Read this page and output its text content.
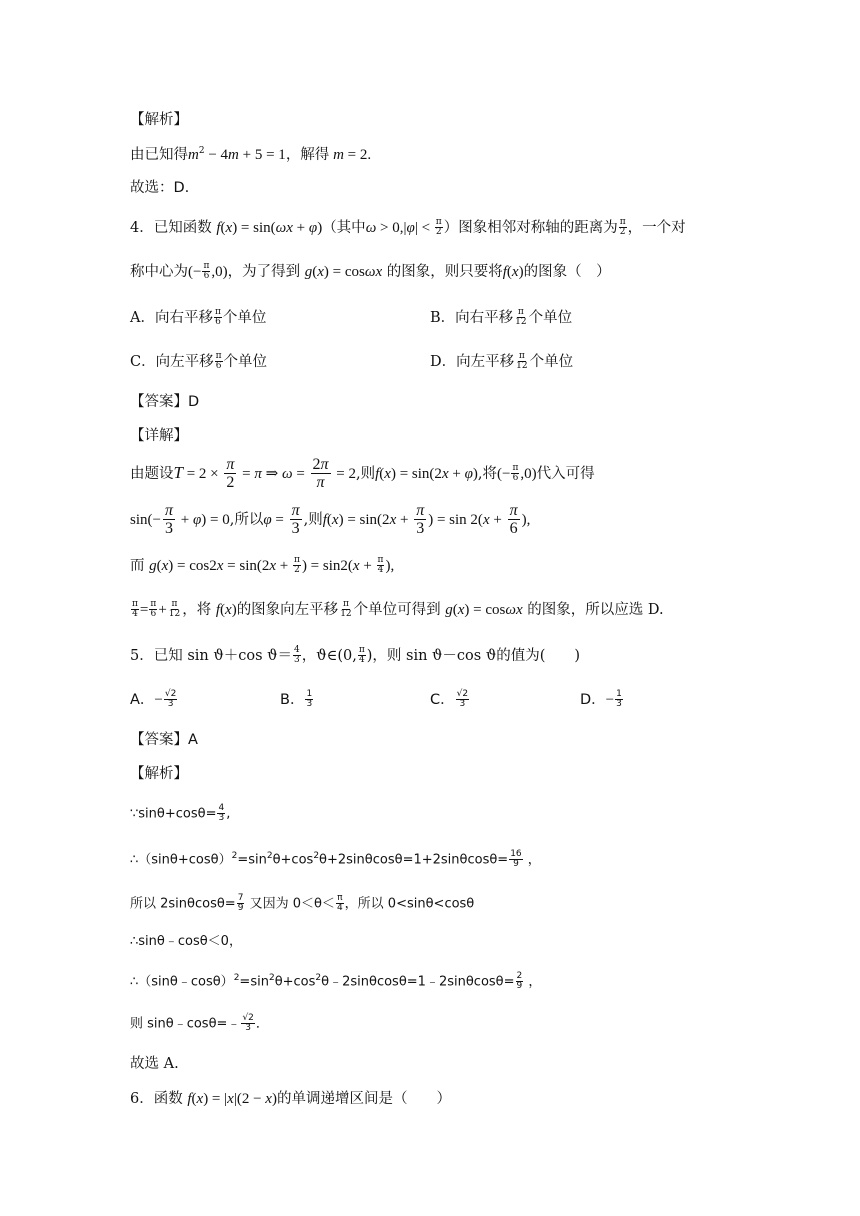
【解析】
由已知得$m^2 - 4m + 5 = 1$，解得 m = 2.
故选：D.
4．已知函数 f(x) = sin(ωx + φ)（其中$\omega > 0,|\varphi| < \frac{\pi}{2}$ ）图象相邻对称轴的距离为 $\frac{\pi}{2}$ ，一个对
称中心为(− $\frac{\pi}{6} ,0$)，为了得到 g(x) = cosωx 的图象，则只要将f(x)的图象（　）
A．向右平移 $\frac{\pi}{6}$ 个单位	B．向右平移 $\frac{\pi}{12}$ 个单位
C．向左平移 $\frac{\pi}{6}$ 个单位	D．向左平移 $\frac{\pi}{12}$ 个单位
【答案】D
【详解】
由题设$T = 2 \times \frac{\pi}{2} = \pi$ ⇒ $\omega = \frac{2\pi}{\pi} = 2$,则f(x) = sin(2x + φ),将(− $\frac{\pi}{6} ,0$)代入可得
$\sin(- \frac{\pi}{3} + \varphi) = 0$,所以$\varphi = \frac{\pi}{3}$ ,则$f(x) = \sin(2x + \frac{\pi}{3}$ ) = $\sin 2(x + \frac{\pi}{6}$ ),
而 $g(x) = \cos 2x = \sin(2x + \frac{\pi}{2}$ ) = $\sin 2(x + \frac{\pi}{4}$ ),
$\frac{\pi}{4} = \frac{\pi}{6} + \frac{\pi}{12}$ ，将 f(x)的图象向左平移 $\frac{\pi}{12}$ 个单位可得到 g(x) = cosωx 的图象，所以应选 D.
5．已知 sin ϑ＋cos $ϑ= \frac{4}{3}$ ，ϑ∈(0, $\frac{\pi}{4}$ )，则 sin ϑ－cos ϑ的值为(　　)
A．− $\frac{√2}{3}$	B． $\frac{1}{3}$	C． $\frac{√2}{3}$	D．− $\frac{1}{3}$
【答案】A
【解析】
∵sinθ+cosθ= $\frac{4}{3}$ ,
$\therefore(\sin\theta+\cos\theta)^2=\sin^2\theta+\cos^2\theta+2\sin\theta\cos\theta=1+2\sin\theta\cos\theta= \frac{16}{9}$ ，
所以 $2\sin\theta\cos\theta= \frac{7}{9}$ 又因为 $0<\theta< \frac{\pi}{4}$ ，所以 0<sinθ<cosθ
∴sinθ﹣cosθ＜0，
$\therefore(\sin\theta﹣\cos\theta)^2=\sin^2\theta+\cos^2\theta﹣2\sin\theta\cos\theta=1﹣2\sin\theta\cos\theta= \frac{2}{9}$ ，
则 sinθ﹣cosθ=﹣ $\frac{√2}{3}$ ．
故选 A.
6．函数 f(x) = |x|(2 − x)的单调递增区间是（　　）
